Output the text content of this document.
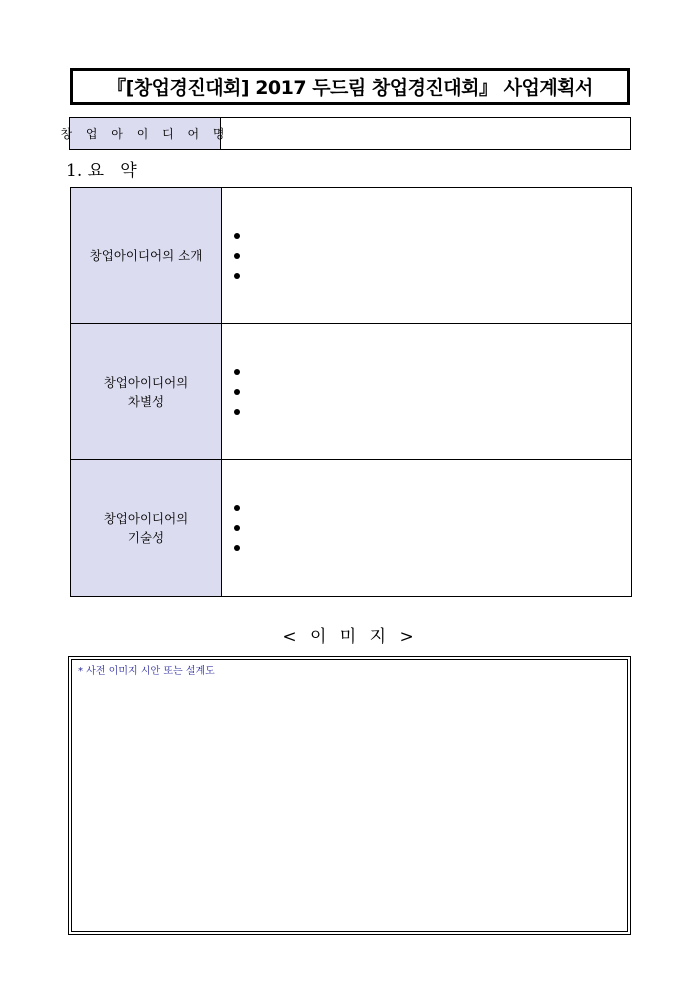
『[창업경진대회] 2017 두드림 창업경진대회』 사업계획서
창 업 아 이 디 어 명
1. 요   약
창업아이디어의 소개
창업아이디어의
차별성
창업아이디어의
기술성
< 이 미 지 >
* 사전 이미지 시안 또는 설계도
